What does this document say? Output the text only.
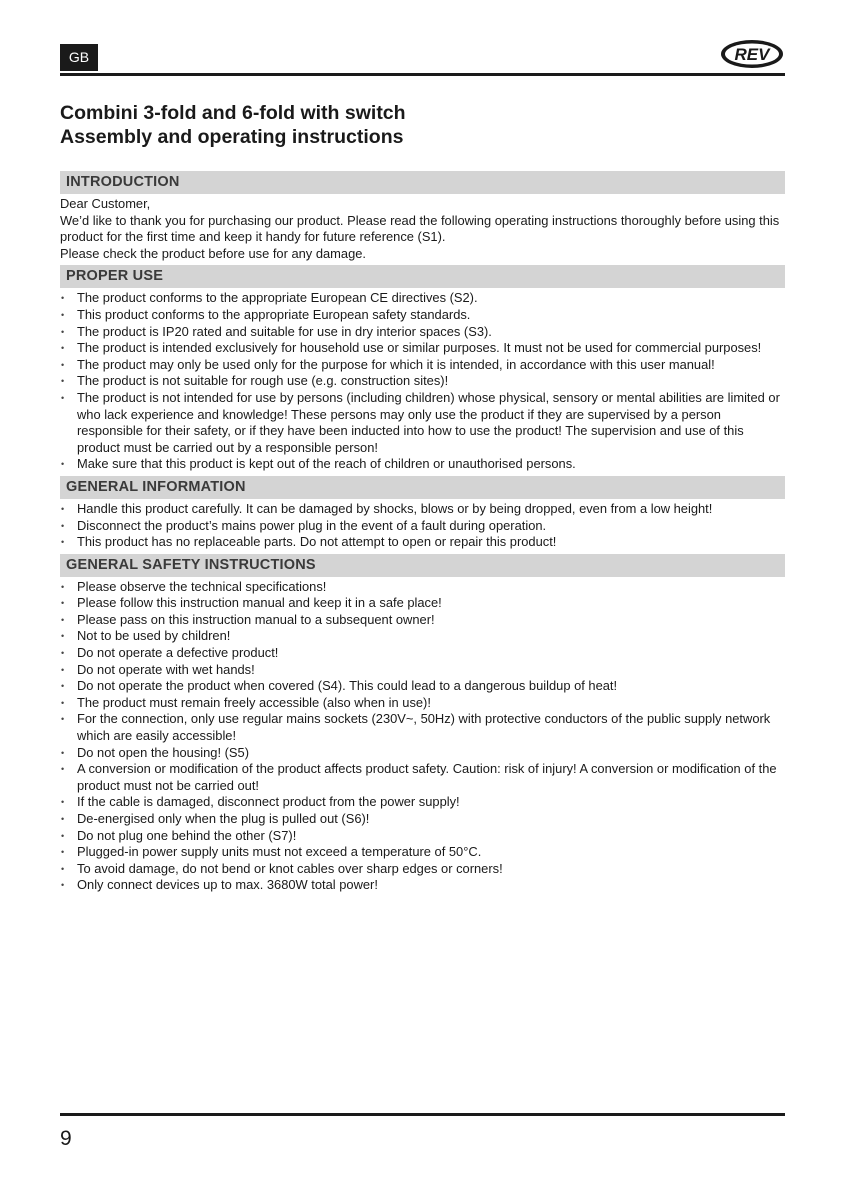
GB	REV
Combini 3-fold and 6-fold with switch
Assembly and operating instructions
INTRODUCTION

Dear Customer,

We’d like to thank you for purchasing our product. Please read the following operating instructions thoroughly before using this product for the first time and keep it handy for future reference (S1).

Please check the product before use for any damage.

PROPER USE
• The product conforms to the appropriate European CE directives (S2).
• This product conforms to the appropriate European safety standards.
• The product is IP20 rated and suitable for use in dry interior spaces (S3).
• The product is intended exclusively for household use or similar purposes. It must not be used for commercial purposes!
• The product may only be used only for the purpose for which it is intended, in accordance with this user manual!
• The product is not suitable for rough use (e.g. construction sites)!
• The product is not intended for use by persons (including children) whose physical, sensory or mental abilities are limited or who lack experience and knowledge! These persons may only use the product if they are supervised by a person responsible for their safety, or if they have been inducted into how to use the product! The supervision and use of this product must be carried out by a responsible person!
• Make sure that this product is kept out of the reach of children or unauthorised persons.
GENERAL INFORMATION
• Handle this product carefully. It can be damaged by shocks, blows or by being dropped, even from a low height!
• Disconnect the product’s mains power plug in the event of a fault during operation.
• This product has no replaceable parts. Do not attempt to open or repair this product!
GENERAL SAFETY INSTRUCTIONS
• Please observe the technical specifications!
• Please follow this instruction manual and keep it in a safe place!
• Please pass on this instruction manual to a subsequent owner!
• Not to be used by children!
• Do not operate a defective product!
• Do not operate with wet hands!
• Do not operate the product when covered (S4). This could lead to a dangerous buildup of heat!
• The product must remain freely accessible (also when in use)!
• For the connection, only use regular mains sockets (230V~, 50Hz) with protective conductors of the public supply network which are easily accessible!
• Do not open the housing! (S5)
• A conversion or modification of the product affects product safety. Caution: risk of injury! A conversion or modification of the product must not be carried out!
• If the cable is damaged, disconnect product from the power supply!
• De-energised only when the plug is pulled out (S6)!
• Do not plug one behind the other (S7)!
• Plugged-in power supply units must not exceed a temperature of 50°C.
• To avoid damage, do not bend or knot cables over sharp edges or corners!
• Only connect devices up to max. 3680W total power!
9
